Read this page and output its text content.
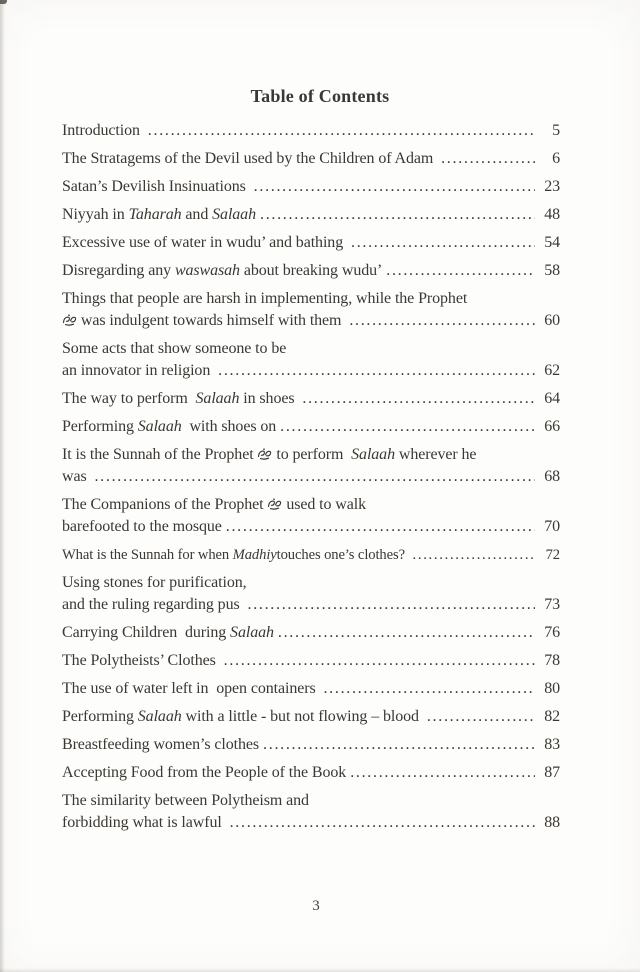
Table of Contents
Introduction .....	5
The Stratagems of the Devil used by the Children of Adam .....	6
Satan’s Devilish Insinuations .....	23
Niyyah in Taharah and Salaah .....	48
Excessive use of water in wudu’ and bathing .....	54
Disregarding any waswasah about breaking wudu’ .....	58
Things that people are harsh in implementing, while the Prophet
was indulgent towards himself with them .....	60
Some acts that show someone to be
an innovator in religion .....	62
The way to perform  Salaah in shoes .....	64
Performing Salaah  with shoes on .....	66
It is the Sunnah of the Prophet
to perform  Salaah wherever he
was .....	68
The Companions of the Prophet
used to walk
barefooted to the mosque .....	70
What is the Sunnah for when Madhiytouches one’s clothes? .....	72
Using stones for purification,
and the ruling regarding pus .....	73
Carrying Children  during Salaah .....	76
The Polytheists’ Clothes .....	78
The use of water left in  open containers .....	80
Performing Salaah with a little - but not flowing – blood .....	82
Breastfeeding women’s clothes .....	83
Accepting Food from the People of the Book .....	87
The similarity between Polytheism and
forbidding what is lawful .....	88
3
